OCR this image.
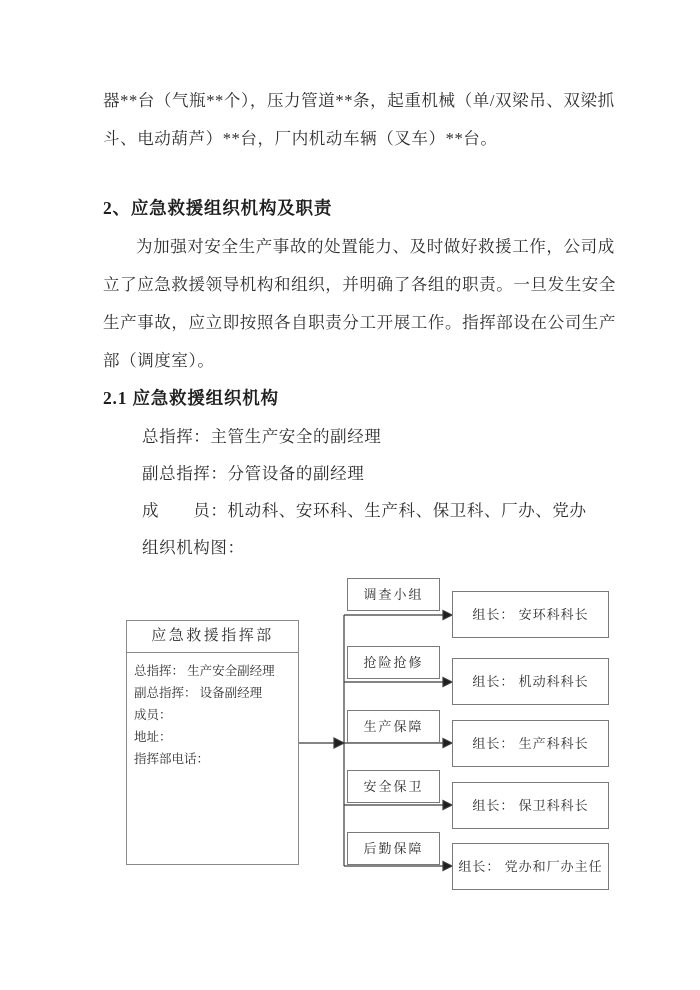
器**台（气瓶**个），压力管道**条，起重机械（单/双梁吊、双梁抓
斗、电动葫芦）**台，厂内机动车辆（叉车）**台。
2、应急救援组织机构及职责
为加强对安全生产事故的处置能力、及时做好救援工作，公司成
立了应急救援领导机构和组织，并明确了各组的职责。一旦发生安全
生产事故，应立即按照各自职责分工开展工作。指挥部设在公司生产
部（调度室）。
2.1 应急救援组织机构
总指挥：主管生产安全的副经理
副总指挥：分管设备的副经理
成　　员：机动科、安环科、生产科、保卫科、厂办、党办
组织机构图：
应急救援指挥部
总指挥： 生产安全副经理
副总指挥： 设备副经理
成员：
地址：
指挥部电话：
调查小组
抢险抢修
生产保障
安全保卫
后勤保障
组长： 安环科科长
组长： 机动科科长
组长： 生产科科长
组长： 保卫科科长
组长： 党办和厂办主任
